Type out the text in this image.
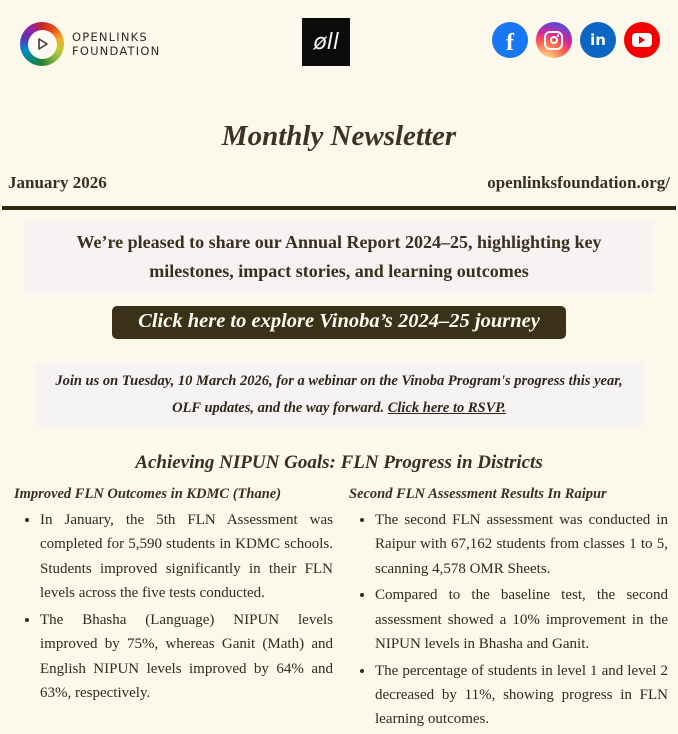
OPENLINKS
FOUNDATION	øll	f	in
Monthly Newsletter
January 2026	openlinksfoundation.org/
We’re pleased to share our Annual Report 2024–25, highlighting key milestones, impact stories, and learning outcomes
Click here to explore Vinoba’s 2024–25 journey
Join us on Tuesday, 10 March 2026, for a webinar on the Vinoba Program's progress this year, OLF updates, and the way forward. Click here to RSVP.
Achieving NIPUN Goals: FLN Progress in Districts
Improved FLN Outcomes in KDMC (Thane)
• In January, the 5th FLN Assessment was completed for 5,590 students in KDMC schools. Students improved significantly in their FLN levels across the five tests conducted.
• The Bhasha (Language) NIPUN levels improved by 75%, whereas Ganit (Math) and English NIPUN levels improved by 64% and 63%, respectively.
Second FLN Assessment Results In Raipur
• The second FLN assessment was conducted in Raipur with 67,162 students from classes 1 to 5, scanning 4,578 OMR Sheets.
• Compared to the baseline test, the second assessment showed a 10% improvement in the NIPUN levels in Bhasha and Ganit.
• The percentage of students in level 1 and level 2 decreased by 11%, showing progress in FLN learning outcomes.
